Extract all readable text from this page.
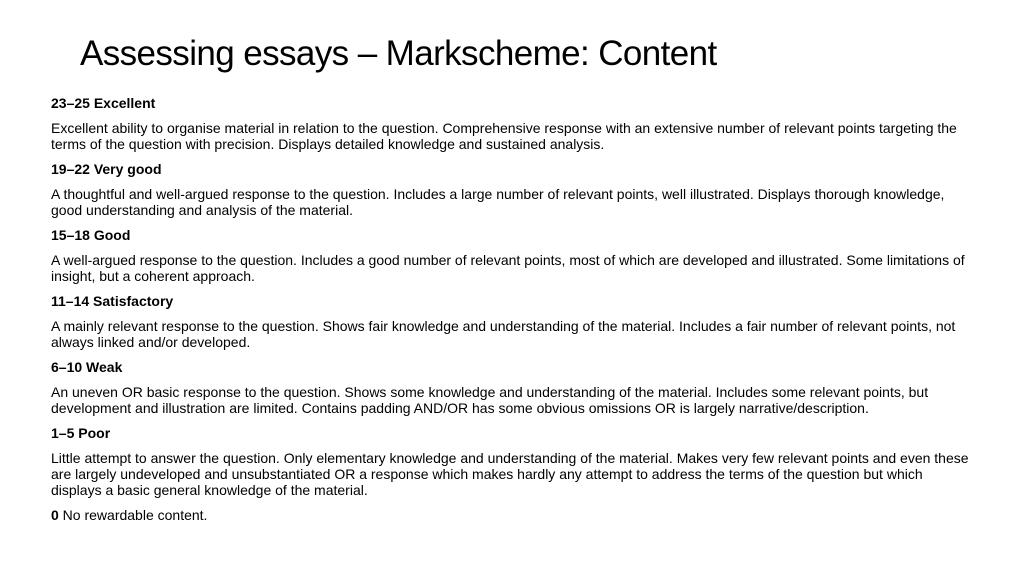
Assessing essays – Markscheme: Content

23–25 Excellent

Excellent ability to organise material in relation to the question. Comprehensive response with an extensive number of relevant points targeting the terms of the question with precision. Displays detailed knowledge and sustained analysis.

19–22 Very good

A thoughtful and well-argued response to the question. Includes a large number of relevant points, well illustrated. Displays thorough knowledge, good understanding and analysis of the material.

15–18 Good

A well-argued response to the question. Includes a good number of relevant points, most of which are developed and illustrated. Some limitations of insight, but a coherent approach.

11–14 Satisfactory

A mainly relevant response to the question. Shows fair knowledge and understanding of the material. Includes a fair number of relevant points, not always linked and/or developed.

6–10 Weak

An uneven OR basic response to the question. Shows some knowledge and understanding of the material. Includes some relevant points, but development and illustration are limited. Contains padding AND/OR has some obvious omissions OR is largely narrative/description.

1–5 Poor

Little attempt to answer the question. Only elementary knowledge and understanding of the material. Makes very few relevant points and even these are largely undeveloped and unsubstantiated OR a response which makes hardly any attempt to address the terms of the question but which displays a basic general knowledge of the material.

0 No rewardable content.
